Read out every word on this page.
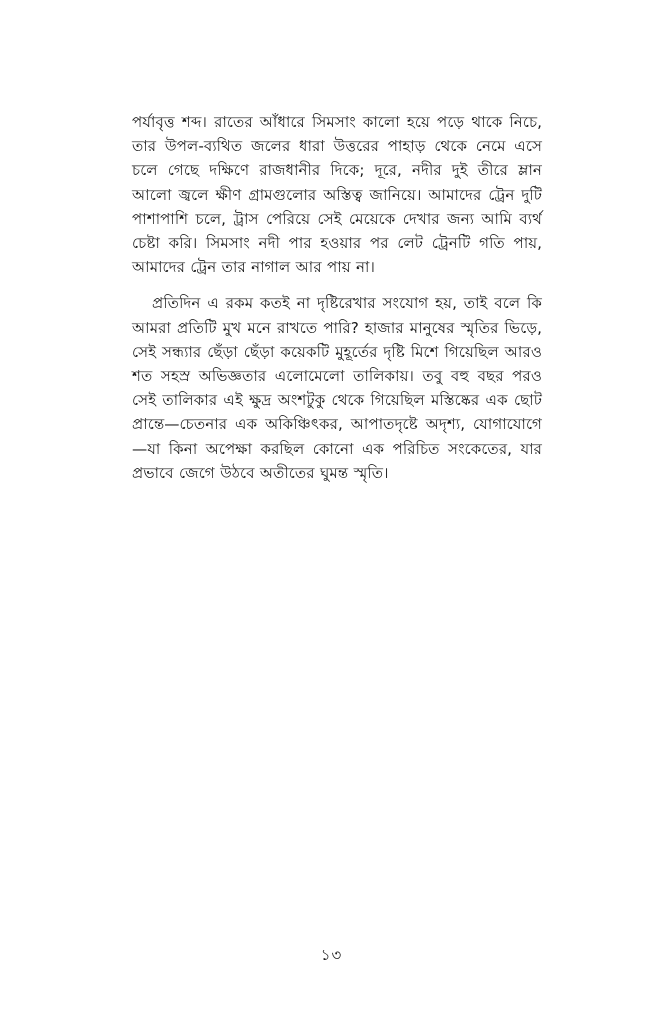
পর্যাবৃত্ত শব্দ। রাতের আঁধারে সিমসাং কালো হয়ে পড়ে থাকে নিচে, তার উপল-ব্যথিত জলের ধারা উত্তরের পাহাড় থেকে নেমে এসে চলে গেছে দক্ষিণে রাজধানীর দিকে; দূরে, নদীর দুই তীরে ম্লান আলো জ্বলে ক্ষীণ গ্রামগুলোর অস্তিত্ব জানিয়ে। আমাদের ট্রেন দুটি পাশাপাশি চলে, ট্রাস পেরিয়ে সেই মেয়েকে দেখার জন্য আমি ব্যর্থ চেষ্টা করি। সিমসাং নদী পার হওয়ার পর লেট ট্রেনটি গতি পায়, আমাদের ট্রেন তার নাগাল আর পায় না।

প্রতিদিন এ রকম কতই না দৃষ্টিরেখার সংযোগ হয়, তাই বলে কি আমরা প্রতিটি মুখ মনে রাখতে পারি? হাজার মানুষের স্মৃতির ভিড়ে, সেই সন্ধ্যার ছেঁড়া ছেঁড়া কয়েকটি মুহূর্তের দৃষ্টি মিশে গিয়েছিল আরও শত সহস্র অভিজ্ঞতার এলোমেলো তালিকায়। তবু বহু বছর পরও সেই তালিকার এই ক্ষুদ্র অংশটুকু থেকে গিয়েছিল মস্তিষ্কের এক ছোট প্রান্তে—চেতনার এক অকিঞ্চিৎকর, আপাতদৃষ্টে অদৃশ্য, যোগাযোগে—যা কিনা অপেক্ষা করছিল কোনো এক পরিচিত সংকেতের, যার প্রভাবে জেগে উঠবে অতীতের ঘুমন্ত স্মৃতি।

১৩
